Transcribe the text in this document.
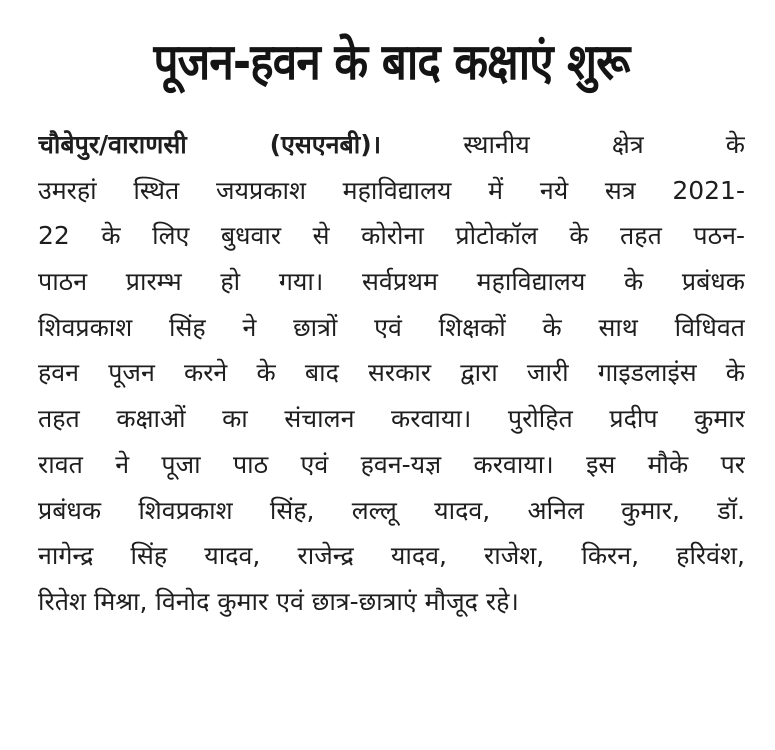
पूजन-हवन के बाद कक्षाएं शुरू
चौबेपुर/वाराणसी (एसएनबी)।	स्थानीय क्षेत्र के
उमरहां स्थित जयप्रकाश महाविद्यालय में नये सत्र 2021-
22 के लिए बुधवार से कोरोना प्रोटोकॉल के तहत पठन-
पाठन प्रारम्भ हो गया। सर्वप्रथम महाविद्यालय के प्रबंधक
शिवप्रकाश सिंह ने छात्रों एवं शिक्षकों के साथ विधिवत
हवन पूजन करने के बाद सरकार द्वारा जारी गाइडलाइंस के
तहत कक्षाओं का संचालन करवाया। पुरोहित प्रदीप कुमार
रावत ने पूजा पाठ एवं हवन-यज्ञ करवाया। इस मौके पर
प्रबंधक शिवप्रकाश सिंह, लल्लू यादव, अनिल कुमार, डॉ.
नागेन्द्र सिंह यादव, राजेन्द्र यादव, राजेश, किरन, हरिवंश,
रितेश मिश्रा, विनोद कुमार एवं छात्र-छात्राएं मौजूद रहे।
